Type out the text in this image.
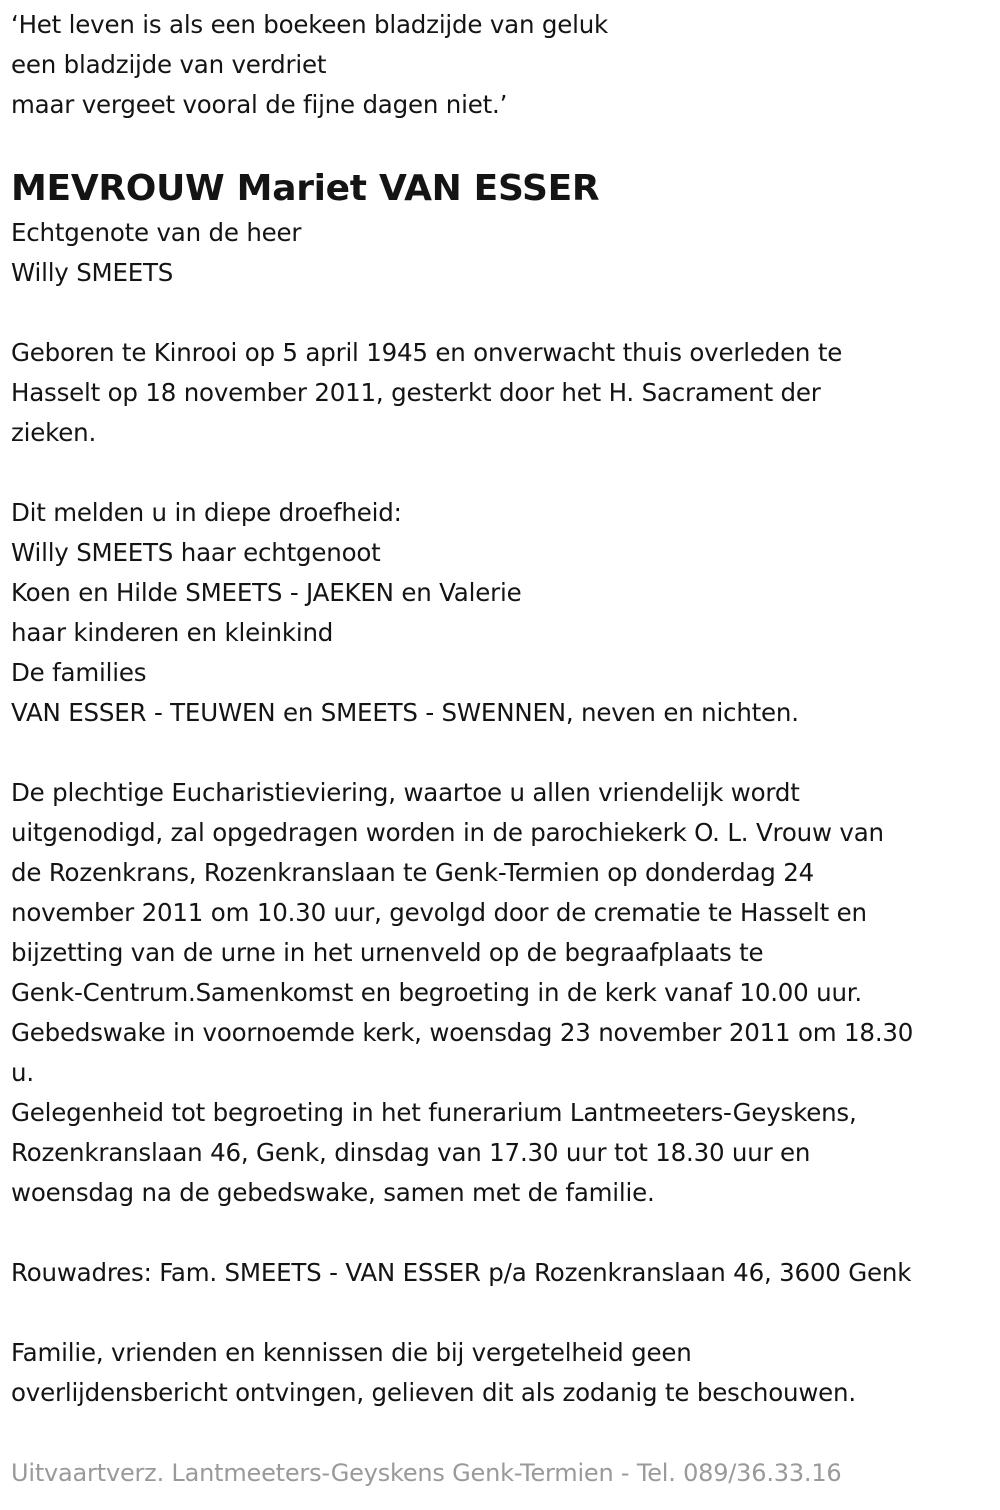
‘Het leven is als een boekeen bladzijde van geluk
een bladzijde van verdriet
maar vergeet vooral de fijne dagen niet.’
MEVROUW Mariet VAN ESSER
Echtgenote van de heer
Willy SMEETS
Geboren te Kinrooi op 5 april 1945 en onverwacht thuis overleden te
Hasselt op 18 november 2011, gesterkt door het H. Sacrament der
zieken.
Dit melden u in diepe droefheid:
Willy SMEETS haar echtgenoot
Koen en Hilde SMEETS - JAEKEN en Valerie
haar kinderen en kleinkind
De families
VAN ESSER - TEUWEN en SMEETS - SWENNEN, neven en nichten.
De plechtige Eucharistieviering, waartoe u allen vriendelijk wordt
uitgenodigd, zal opgedragen worden in de parochiekerk O. L. Vrouw van
de Rozenkrans, Rozenkranslaan te Genk-Termien op donderdag 24
november 2011 om 10.30 uur, gevolgd door de crematie te Hasselt en
bijzetting van de urne in het urnenveld op de begraafplaats te
Genk-Centrum.Samenkomst en begroeting in de kerk vanaf 10.00 uur.
Gebedswake in voornoemde kerk, woensdag 23 november 2011 om 18.30
u.
Gelegenheid tot begroeting in het funerarium Lantmeeters-Geyskens,
Rozenkranslaan 46, Genk, dinsdag van 17.30 uur tot 18.30 uur en
woensdag na de gebedswake, samen met de familie.
Rouwadres: Fam. SMEETS - VAN ESSER p/a Rozenkranslaan 46, 3600 Genk
Familie, vrienden en kennissen die bij vergetelheid geen
overlijdensbericht ontvingen, gelieven dit als zodanig te beschouwen.
Uitvaartverz. Lantmeeters-Geyskens Genk-Termien - Tel. 089/36.33.16
